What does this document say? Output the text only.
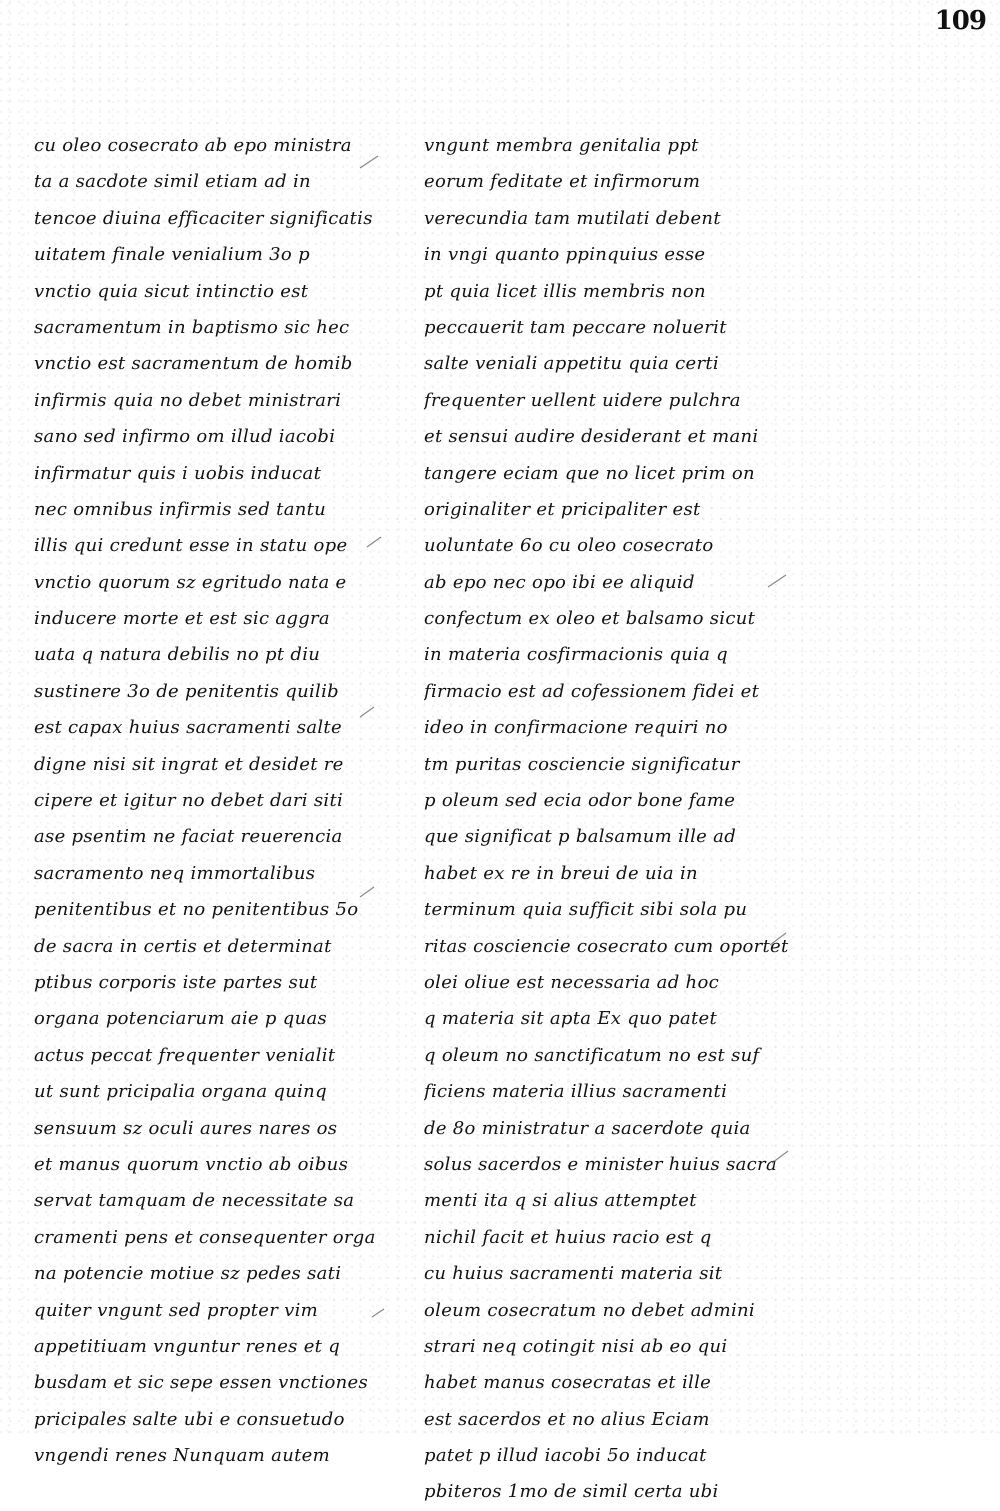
109
cu oleo cosecrato ab epo ministra
ta a sacdote simil etiam ad in
tencoe diuina efficaciter significatis
uitatem finale venialium 3o p
vnctio quia sicut intinctio est
sacramentum in baptismo sic hec
vnctio est sacramentum de homib
infirmis quia no debet ministrari
sano sed infirmo om illud iacobi
infirmatur quis i uobis inducat
nec omnibus infirmis sed tantu
illis qui credunt esse in statu ope
vnctio quorum sz egritudo nata e
inducere morte et est sic aggra
uata q natura debilis no pt diu
sustinere 3o de penitentis quilib
est capax huius sacramenti salte
digne nisi sit ingrat et desidet re
cipere et igitur no debet dari siti
ase psentim ne faciat reuerencia
sacramento neq immortalibus
penitentibus et no penitentibus 5o
de sacra in certis et determinat
ptibus corporis iste partes sut
organa potenciarum aie p quas
actus peccat frequenter venialit
ut sunt pricipalia organa quinq
sensuum sz oculi aures nares os
et manus quorum vnctio ab oibus
servat tamquam de necessitate sa
cramenti pens et consequenter orga
na potencie motiue sz pedes sati
quiter vngunt sed propter vim
appetitiuam vnguntur renes et q
busdam et sic sepe essen vnctiones
pricipales salte ubi e consuetudo
vngendi renes Nunquam autem
vngunt membra genitalia ppt
eorum feditate et infirmorum
verecundia tam mutilati debent
in vngi quanto ppinquius esse
pt quia licet illis membris non
peccauerit tam peccare noluerit
salte veniali appetitu quia certi
frequenter uellent uidere pulchra
et sensui audire desiderant et mani
tangere eciam que no licet prim on
originaliter et pricipaliter est
uoluntate 6o cu oleo cosecrato
ab epo nec opo ibi ee aliquid
confectum ex oleo et balsamo sicut
in materia cosfirmacionis quia q
firmacio est ad cofessionem fidei et
ideo in confirmacione requiri no
tm puritas cosciencie significatur
p oleum sed ecia odor bone fame
que significat p balsamum ille ad
habet ex re in breui de uia in
terminum quia sufficit sibi sola pu
ritas cosciencie cosecrato cum oportet
olei oliue est necessaria ad hoc
q materia sit apta Ex quo patet
q oleum no sanctificatum no est suf
ficiens materia illius sacramenti
de 8o ministratur a sacerdote quia
solus sacerdos e minister huius sacra
menti ita q si alius attemptet
nichil facit et huius racio est q
cu huius sacramenti materia sit
oleum cosecratum no debet admini
strari neq cotingit nisi ab eo qui
habet manus cosecratas et ille
est sacerdos et no alius Eciam
patet p illud iacobi 5o inducat
pbiteros 1mo de simil certa ubi
